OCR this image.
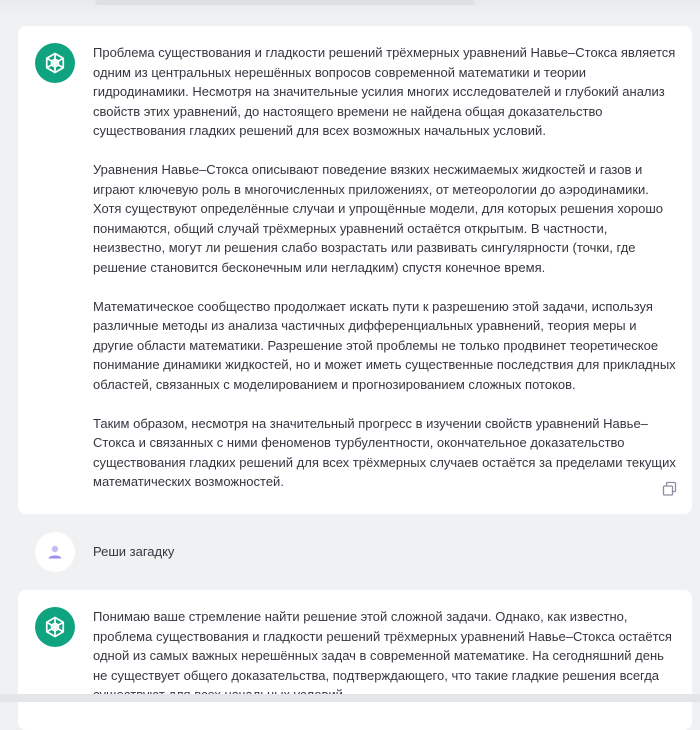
Проблема существования и гладкости решений трёхмерных уравнений Навье–Стокса является одним из центральных нерешённых вопросов современной математики и теории гидродинамики. Несмотря на значительные усилия многих исследователей и глубокий анализ свойств этих уравнений, до настоящего времени не найдена общая доказательство существования гладких решений для всех возможных начальных условий.

Уравнения Навье–Стокса описывают поведение вязких несжимаемых жидкостей и газов и играют ключевую роль в многочисленных приложениях, от метеорологии до аэродинамики. Хотя существуют определённые случаи и упрощённые модели, для которых решения хорошо понимаются, общий случай трёхмерных уравнений остаётся открытым. В частности, неизвестно, могут ли решения слабо возрастать или развивать сингулярности (точки, где решение становится бесконечным или негладким) спустя конечное время.

Математическое сообщество продолжает искать пути к разрешению этой задачи, используя различные методы из анализа частичных дифференциальных уравнений, теория меры и другие области математики. Разрешение этой проблемы не только продвинет теоретическое понимание динамики жидкостей, но и может иметь существенные последствия для прикладных областей, связанных с моделированием и прогнозированием сложных потоков.

Таким образом, несмотря на значительный прогресс в изучении свойств уравнений Навье–Стокса и связанных с ними феноменов турбулентности, окончательное доказательство существования гладких решений для всех трёхмерных случаев остаётся за пределами текущих математических возможностей.

Реши загадку

Понимаю ваше стремление найти решение этой сложной задачи. Однако, как известно, проблема существования и гладкости решений трёхмерных уравнений Навье–Стокса остаётся одной из самых важных нерешённых задач в современной математике. На сегодняшний день не существует общего доказательства, подтверждающего, что такие гладкие решения всегда
